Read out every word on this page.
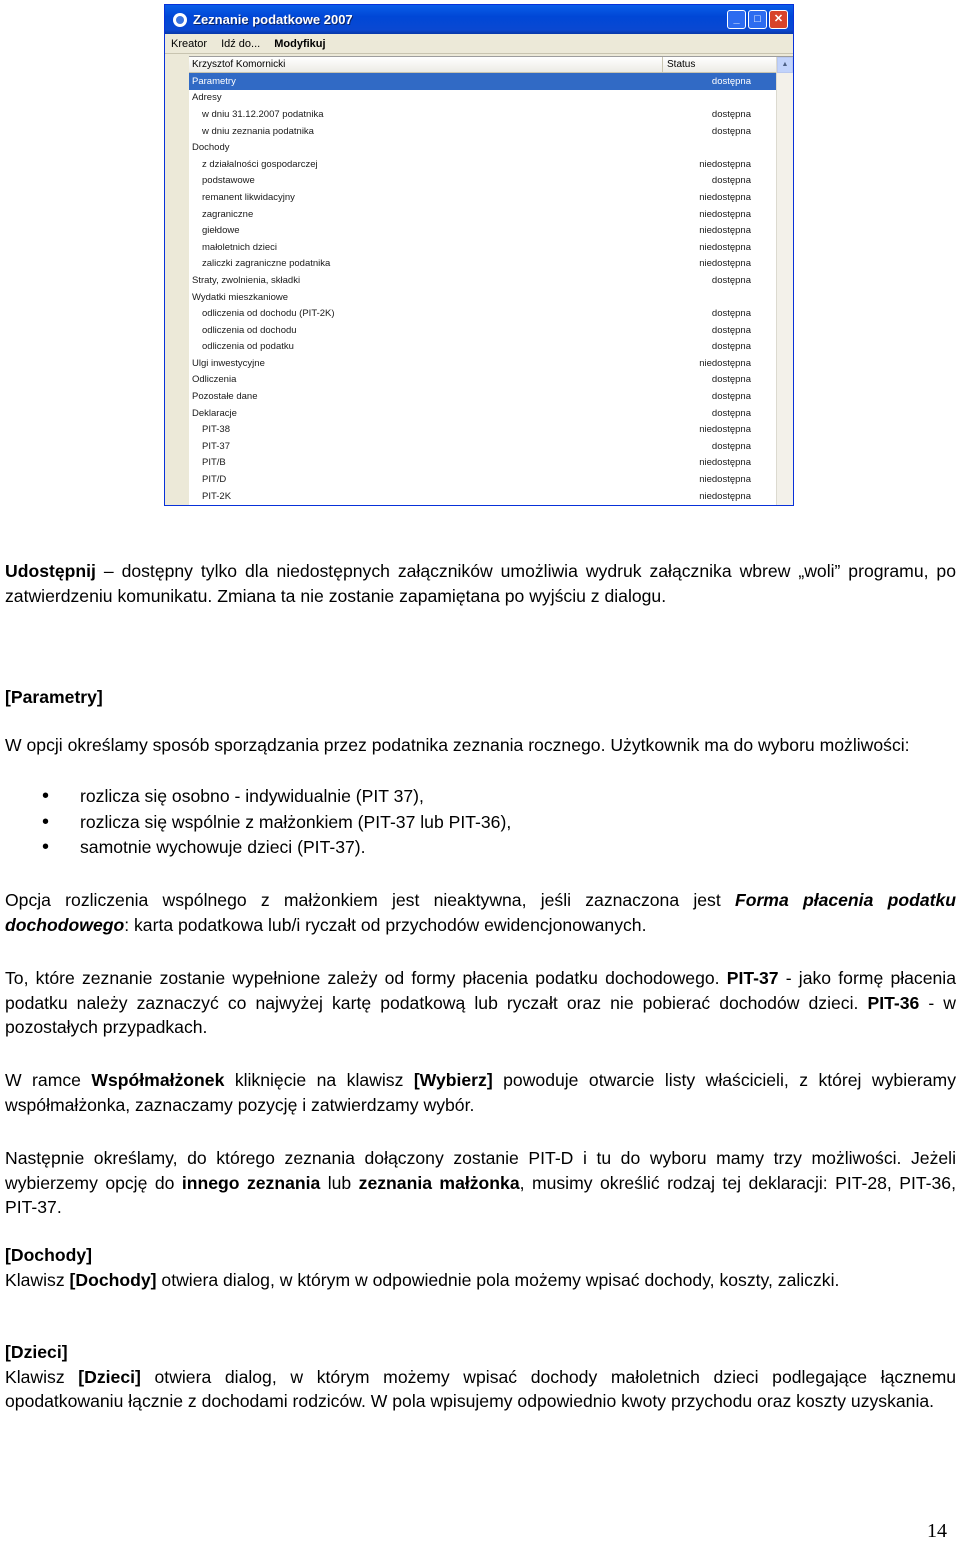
Zeznanie podatkowe 2007	_	□	✕
Kreator Idź do... Modyfikuj
Krzysztof Komornicki	Status
Parametry	dostępna
Adresy
w dniu 31.12.2007 podatnika	dostępna
w dniu zeznania podatnika	dostępna
Dochody
z działalności gospodarczej	niedostępna
podstawowe	dostępna
remanent likwidacyjny	niedostępna
zagraniczne	niedostępna
giełdowe	niedostępna
małoletnich dzieci	niedostępna
zaliczki zagraniczne podatnika	niedostępna
Straty, zwolnienia, składki	dostępna
Wydatki mieszkaniowe
odliczenia od dochodu (PIT-2K)	dostępna
odliczenia od dochodu	dostępna
odliczenia od podatku	dostępna
Ulgi inwestycyjne	niedostępna
Odliczenia	dostępna
Pozostałe dane	dostępna
Deklaracje	dostępna
PIT-38	niedostępna
PIT-37	dostępna
PIT/B	niedostępna
PIT/D	niedostępna
PIT-2K	niedostępna
▲
Udostępnij – dostępny tylko dla niedostępnych załączników umożliwia wydruk załącznika wbrew „woli” programu, po zatwierdzeniu komunikatu. Zmiana ta nie zostanie zapamiętana po wyjściu z dialogu.
[Parametry]
W opcji określamy sposób sporządzania przez podatnika zeznania rocznego. Użytkownik ma do wyboru możliwości:
• rozlicza się osobno - indywidualnie (PIT 37),
• rozlicza się wspólnie z małżonkiem (PIT-37 lub PIT-36),
• samotnie wychowuje dzieci (PIT-37).
Opcja rozliczenia wspólnego z małżonkiem jest nieaktywna, jeśli zaznaczona jest Forma płacenia podatku dochodowego: karta podatkowa lub/i ryczałt od przychodów ewidencjonowanych.
To, które zeznanie zostanie wypełnione zależy od formy płacenia podatku dochodowego. PIT-37 - jako formę płacenia podatku należy zaznaczyć co najwyżej kartę podatkową lub ryczałt oraz nie pobierać dochodów dzieci. PIT-36 - w pozostałych przypadkach.
W ramce Współmałżonek kliknięcie na klawisz [Wybierz] powoduje otwarcie listy właścicieli, z której wybieramy współmałżonka, zaznaczamy pozycję i zatwierdzamy wybór.
Następnie określamy, do którego zeznania dołączony zostanie PIT-D i tu do wyboru mamy trzy możliwości. Jeżeli wybierzemy opcję do innego zeznania lub zeznania małżonka, musimy określić rodzaj tej deklaracji: PIT-28, PIT-36, PIT-37.
[Dochody]
Klawisz [Dochody] otwiera dialog, w którym w odpowiednie pola możemy wpisać dochody, koszty, zaliczki.
[Dzieci]
Klawisz [Dzieci] otwiera dialog, w którym możemy wpisać dochody małoletnich dzieci podlegające łącznemu opodatkowaniu łącznie z dochodami rodziców. W pola wpisujemy odpowiednio kwoty przychodu oraz koszty uzyskania.
14
